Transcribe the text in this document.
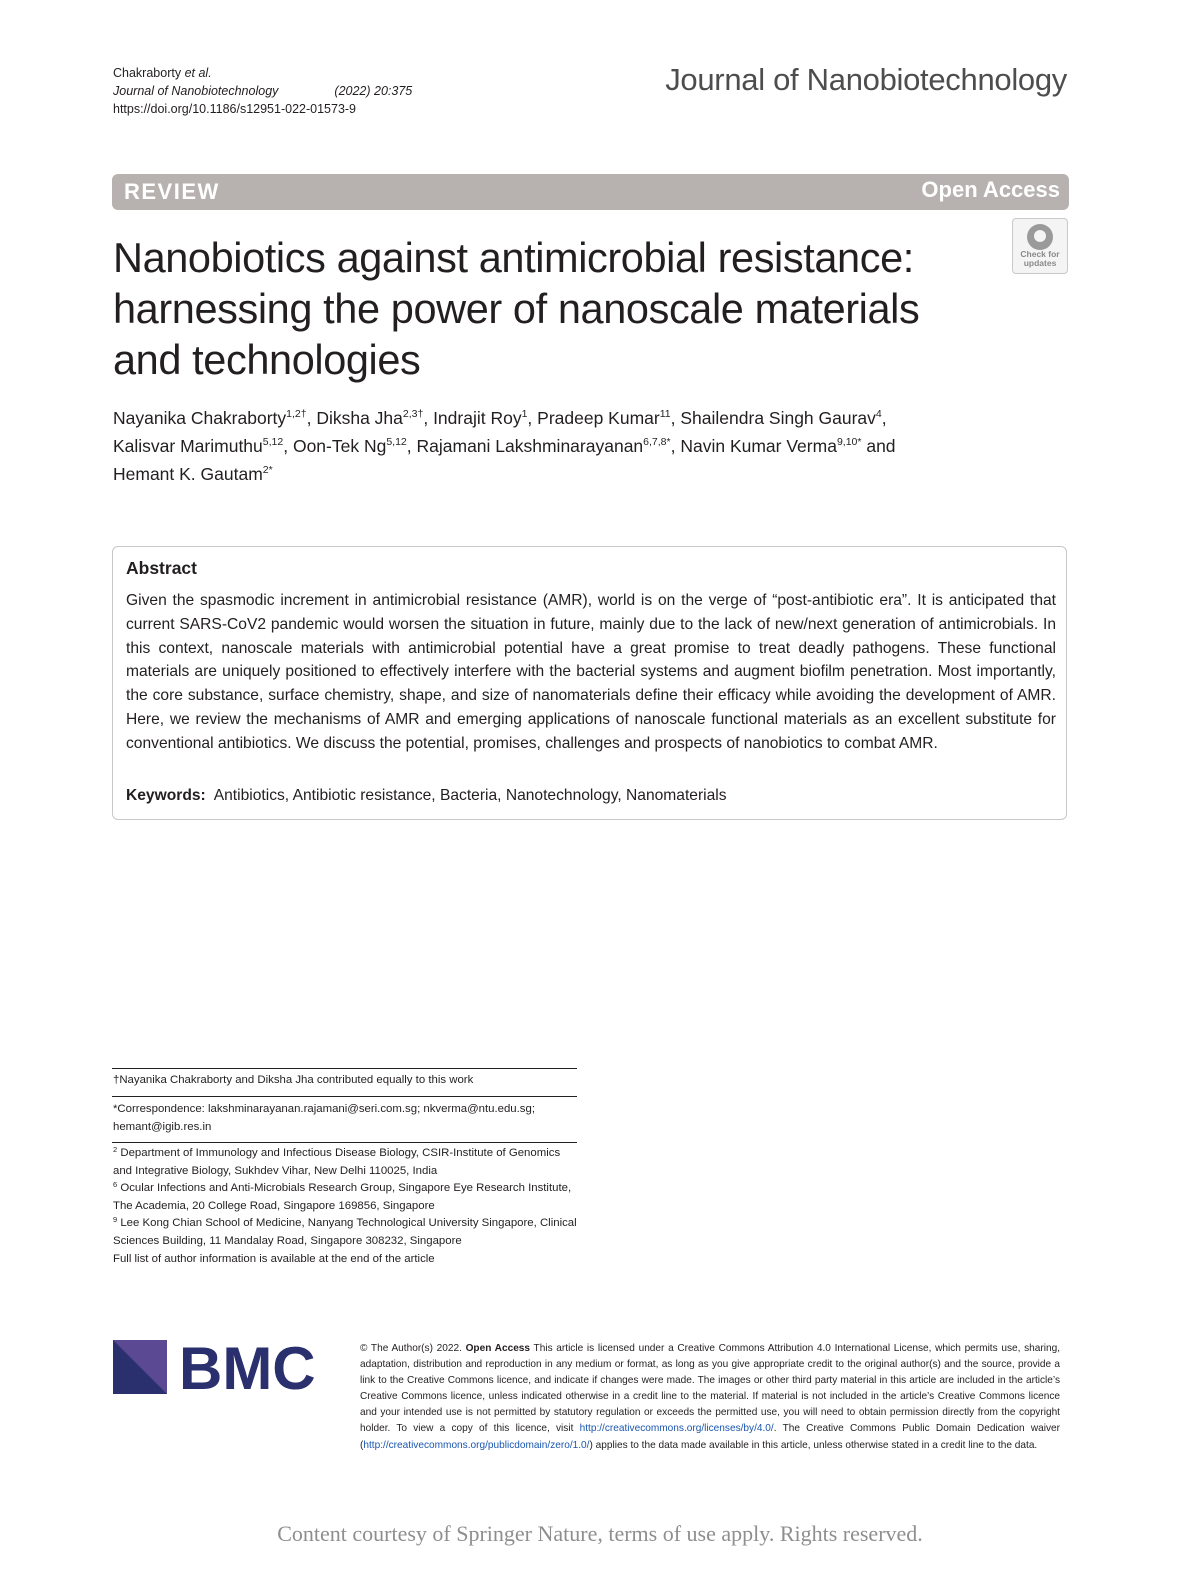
Chakraborty et al.
Journal of Nanobiotechnology	(2022) 20:375
https://doi.org/10.1186/s12951-022-01573-9
Journal of Nanobiotechnology
REVIEW	Open Access
Nanobiotics against antimicrobial resistance:
harnessing the power of nanoscale materials
and technologies
Check for
updates
Nayanika Chakraborty$^{1,2\dagger}$, Diksha Jha$^{2,3\dagger}$, Indrajit Roy$^1$, Pradeep Kumar$^{11}$, Shailendra Singh Gaurav$^4$,
Kalisvar Marimuthu$^{5,12}$, Oon-Tek Ng$^{5,12}$, Rajamani Lakshminarayanan$^{6,7,8*}$, Navin Kumar Verma$^{9,10*}$ and
Hemant K. Gautam$^{2*}$
Abstract
Given the spasmodic increment in antimicrobial resistance (AMR), world is on the verge of “post-antibiotic era”. It is anticipated that current SARS-CoV2 pandemic would worsen the situation in future, mainly due to the lack of new/next generation of antimicrobials. In this context, nanoscale materials with antimicrobial potential have a great promise to treat deadly pathogens. These functional materials are uniquely positioned to effectively interfere with the bacterial systems and augment biofilm penetration. Most importantly, the core substance, surface chemistry, shape, and size of nanomaterials define their efficacy while avoiding the development of AMR. Here, we review the mechanisms of AMR and emerging applications of nanoscale functional materials as an excellent substitute for conventional antibiotics. We discuss the potential, promises, challenges and prospects of nanobiotics to combat AMR.
Keywords: Antibiotics, Antibiotic resistance, Bacteria, Nanotechnology, Nanomaterials
†Nayanika Chakraborty and Diksha Jha contributed equally to this work
*Correspondence: lakshminarayanan.rajamani@seri.com.sg; nkverma@ntu.edu.sg; hemant@igib.res.in
$^2$ Department of Immunology and Infectious Disease Biology, CSIR-Institute of Genomics and Integrative Biology, Sukhdev Vihar, New Delhi 110025, India
$^6$ Ocular Infections and Anti-Microbials Research Group, Singapore Eye Research Institute, The Academia, 20 College Road, Singapore 169856, Singapore
$^9$ Lee Kong Chian School of Medicine, Nanyang Technological University Singapore, Clinical Sciences Building, 11 Mandalay Road, Singapore 308232, Singapore
Full list of author information is available at the end of the article
BMC	© The Author(s) 2022. Open Access This article is licensed under a Creative Commons Attribution 4.0 International License, which permits use, sharing, adaptation, distribution and reproduction in any medium or format, as long as you give appropriate credit to the original author(s) and the source, provide a link to the Creative Commons licence, and indicate if changes were made. The images or other third party material in this article are included in the article’s Creative Commons licence, unless indicated otherwise in a credit line to the material. If material is not included in the article’s Creative Commons licence and your intended use is not permitted by statutory regulation or exceeds the permitted use, you will need to obtain permission directly from the copyright holder. To view a copy of this licence, visit http://creativecommons.org/licenses/by/4.0/. The Creative Commons Public Domain Dedication waiver (http://creativecommons.org/publicdomain/zero/1.0/) applies to the data made available in this article, unless otherwise stated in a credit line to the data.
Content courtesy of Springer Nature, terms of use apply. Rights reserved.
